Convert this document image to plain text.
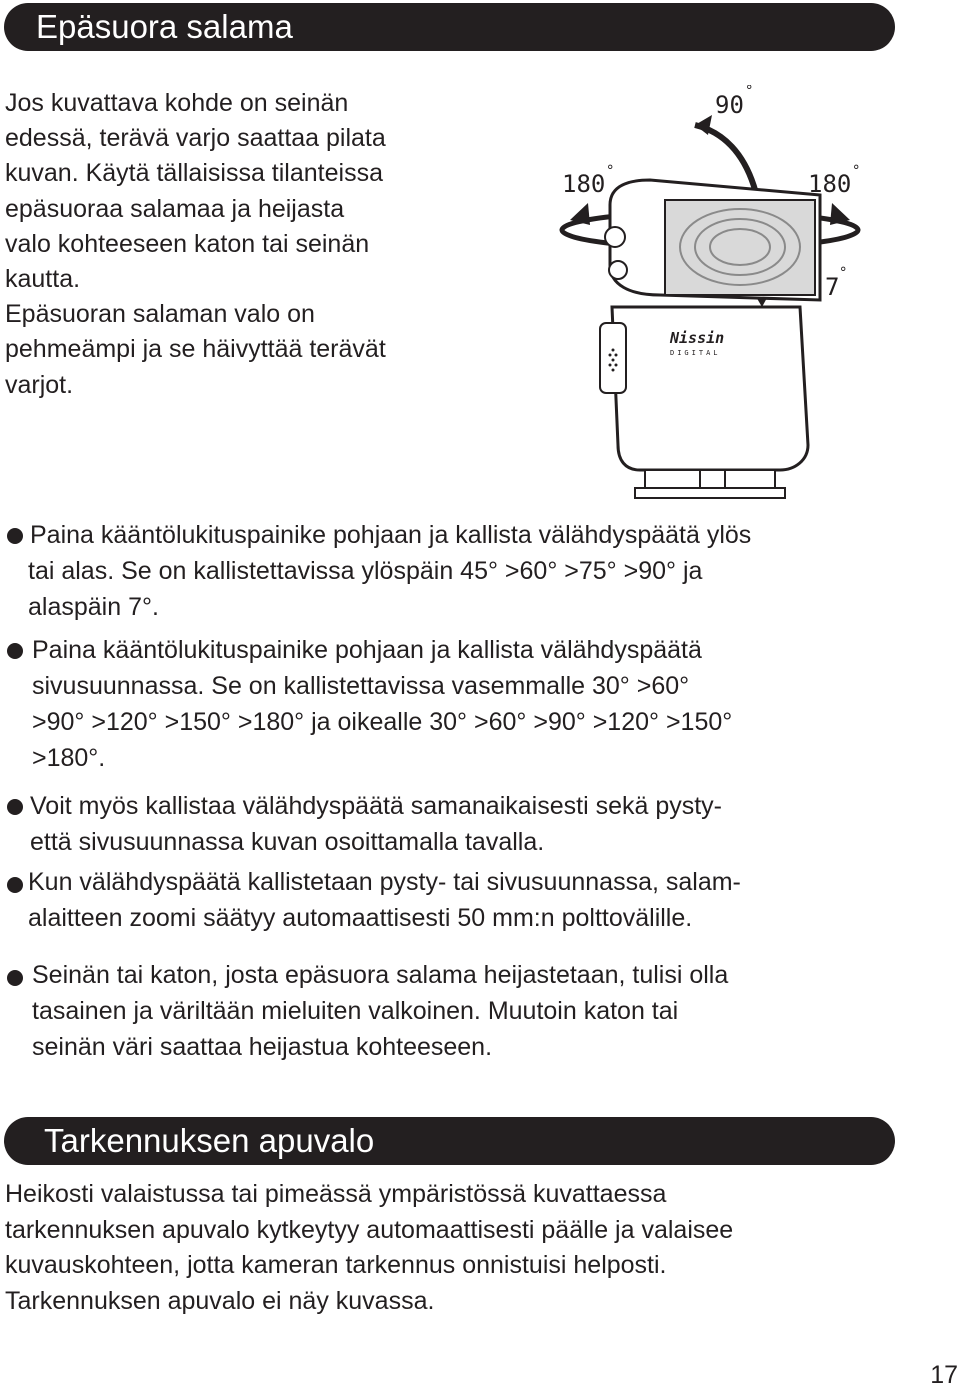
Epäsuora salama

Jos kuvattava kohde on seinän
edessä, terävä varjo saattaa pilata
kuvan. Käytä tällaisissa tilanteissa
epäsuoraa salamaa ja heijasta
valo kohteeseen katon tai seinän
kautta.
Epäsuoran salaman valo on
pehmeämpi ja se häivyttää terävät
varjot.

90 °
180 °	180 °
7 °
Nissin
DIGITAL
Paina kääntölukituspainike pohjaan ja kallista välähdyspäätä ylös
tai alas. Se on kallistettavissa ylöspäin 45° >60° >75° >90° ja
alaspäin 7°.
Paina kääntölukituspainike pohjaan ja kallista välähdyspäätä
sivusuunnassa. Se on kallistettavissa vasemmalle 30° >60°
>90° >120° >150° >180° ja oikealle 30° >60° >90° >120° >150°
>180°.
Voit myös kallistaa välähdyspäätä samanaikaisesti sekä pysty-
että sivusuunnassa kuvan osoittamalla tavalla.
Kun välähdyspäätä kallistetaan pysty- tai sivusuunnassa, salam-
alaitteen zoomi säätyy automaattisesti 50 mm:n polttovälille.
Seinän tai katon, josta epäsuora salama heijastetaan, tulisi olla
tasainen ja väriltään mieluiten valkoinen. Muutoin katon tai
seinän väri saattaa heijastua kohteeseen.
Tarkennuksen apuvalo

Heikosti valaistussa tai pimeässä ympäristössä kuvattaessa
tarkennuksen apuvalo kytkeytyy automaattisesti päälle ja valaisee
kuvauskohteen, jotta kameran tarkennus onnistuisi helposti.
Tarkennuksen apuvalo ei näy kuvassa.

17
